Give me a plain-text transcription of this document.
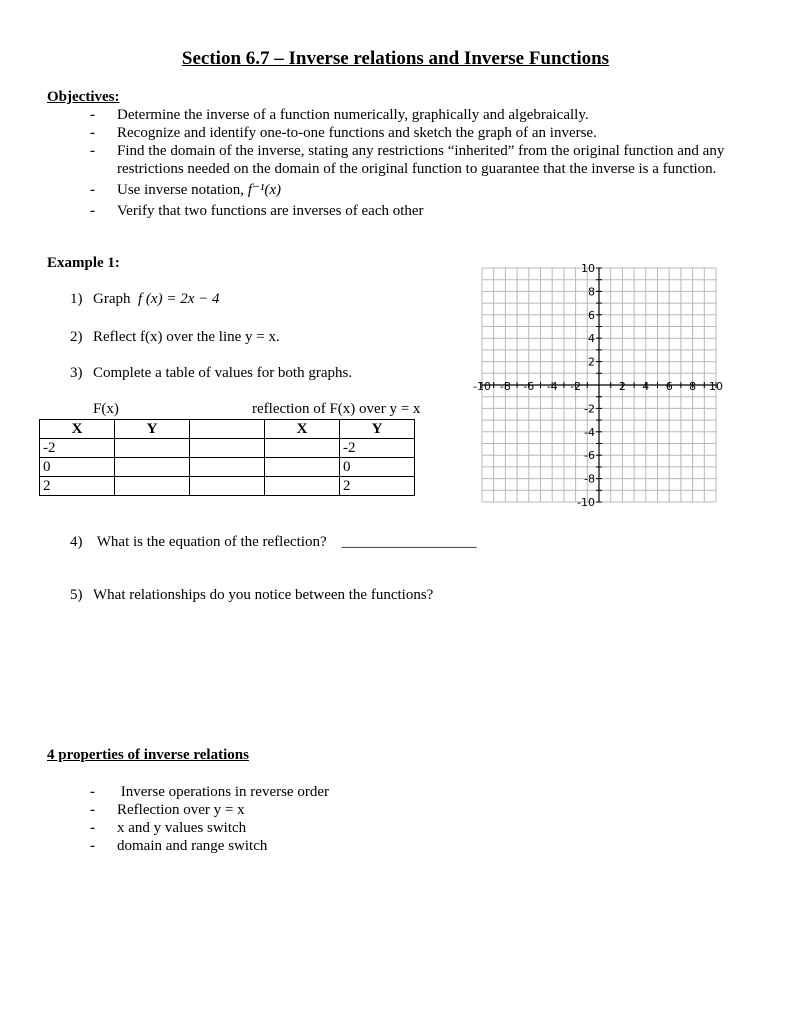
Section 6.7 – Inverse relations and Inverse Functions
Objectives:
- Determine the inverse of a function numerically, graphically and algebraically.
- Recognize and identify one-to-one functions and sketch the graph of an inverse.
- Find the domain of the inverse, stating any restrictions “inherited” from the original function and any
restrictions needed on the domain of the original function to guarantee that the inverse is a function.
- Use inverse notation, f⁻¹(x)
- Verify that two functions are inverses of each other
Example 1:
1) Graph f (x) = 2x − 4
2) Reflect f(x) over the line y = x.
3) Complete a table of values for both graphs.
F(x)	reflection of F(x) over y = x
X	Y		X	Y
-2				-2
0				0
2				2
4) What is the equation of the reflection? __________________
5) What relationships do you notice between the functions?
-10 -8 -6 -4 -2	2 4 6 8 10
10
8
6
4
2
-2
-4
-6
-8
-10
4 properties of inverse relations
- Inverse operations in reverse order
- Reflection over y = x
- x and y values switch
- domain and range switch
